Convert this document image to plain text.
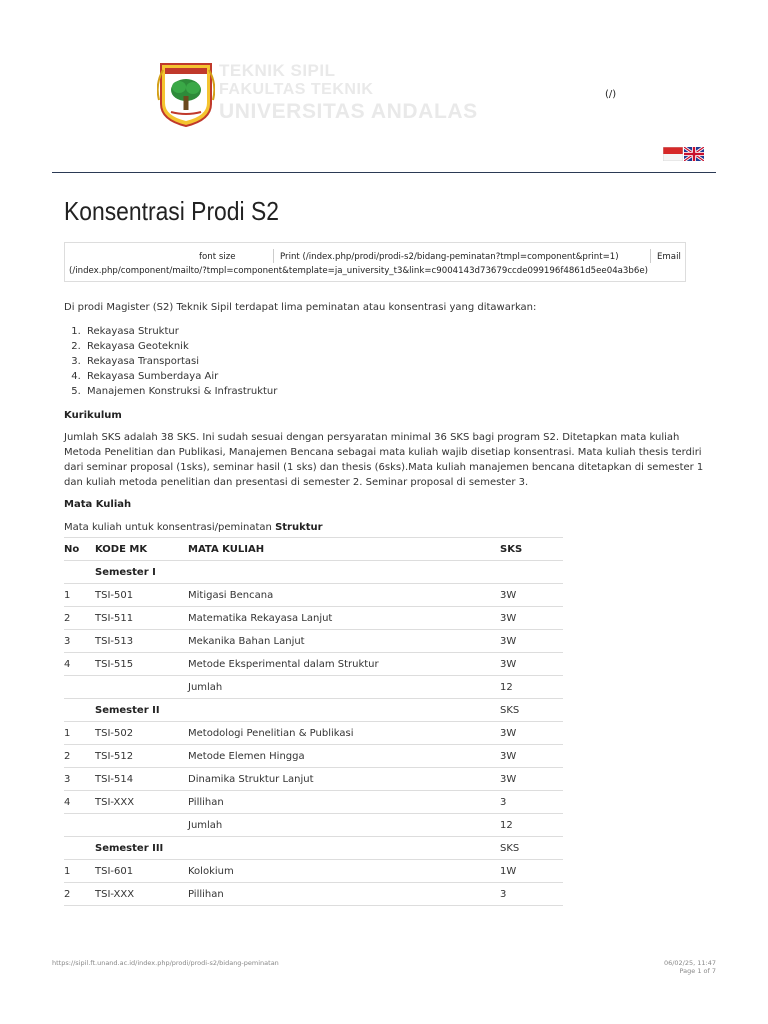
TEKNIK SIPIL
FAKULTAS TEKNIK
UNIVERSITAS ANDALAS
(/)
Konsentrasi Prodi S2
font size	Print (/index.php/prodi/prodi-s2/bidang-peminatan?tmpl=component&print=1)	Email
(/index.php/component/mailto/?tmpl=component&template=ja_university_t3&link=c9004143d73679ccde099196f4861d5ee04a3b6e)

Di prodi Magister (S2) Teknik Sipil terdapat lima peminatan atau konsentrasi yang ditawarkan:

1. Rekayasa Struktur
2. Rekayasa Geoteknik
3. Rekayasa Transportasi
4. Rekayasa Sumberdaya Air
5. Manajemen Konstruksi & Infrastruktur

Kurikulum

Jumlah SKS adalah 38 SKS. Ini sudah sesuai dengan persyaratan minimal 36 SKS bagi program S2. Ditetapkan mata kuliah Metoda Penelitian dan Publikasi, Manajemen Bencana sebagai mata kuliah wajib disetiap konsentrasi. Mata kuliah thesis terdiri dari seminar proposal (1sks), seminar hasil (1 sks) dan thesis (6sks).Mata kuliah manajemen bencana ditetapkan di semester 1 dan kuliah metoda penelitian dan presentasi di semester 2. Seminar proposal di semester 3.

Mata Kuliah

Mata kuliah untuk konsentrasi/peminatan Struktur

No	KODE MK	MATA KULIAH	SKS
	Semester I		
1	TSI-501	Mitigasi Bencana	3W
2	TSI-511	Matematika Rekayasa Lanjut	3W
3	TSI-513	Mekanika Bahan Lanjut	3W
4	TSI-515	Metode Eksperimental dalam Struktur	3W
		Jumlah	12
	Semester II		SKS
1	TSI-502	Metodologi Penelitian & Publikasi	3W
2	TSI-512	Metode Elemen Hingga	3W
3	TSI-514	Dinamika Struktur Lanjut	3W
4	TSI-XXX	Pillihan	3
		Jumlah	12
	Semester III		SKS
1	TSI-601	Kolokium	1W
2	TSI-XXX	Pillihan	3
https://sipil.ft.unand.ac.id/index.php/prodi/prodi-s2/bidang-peminatan	06/02/25, 11:47
Page 1 of 7
